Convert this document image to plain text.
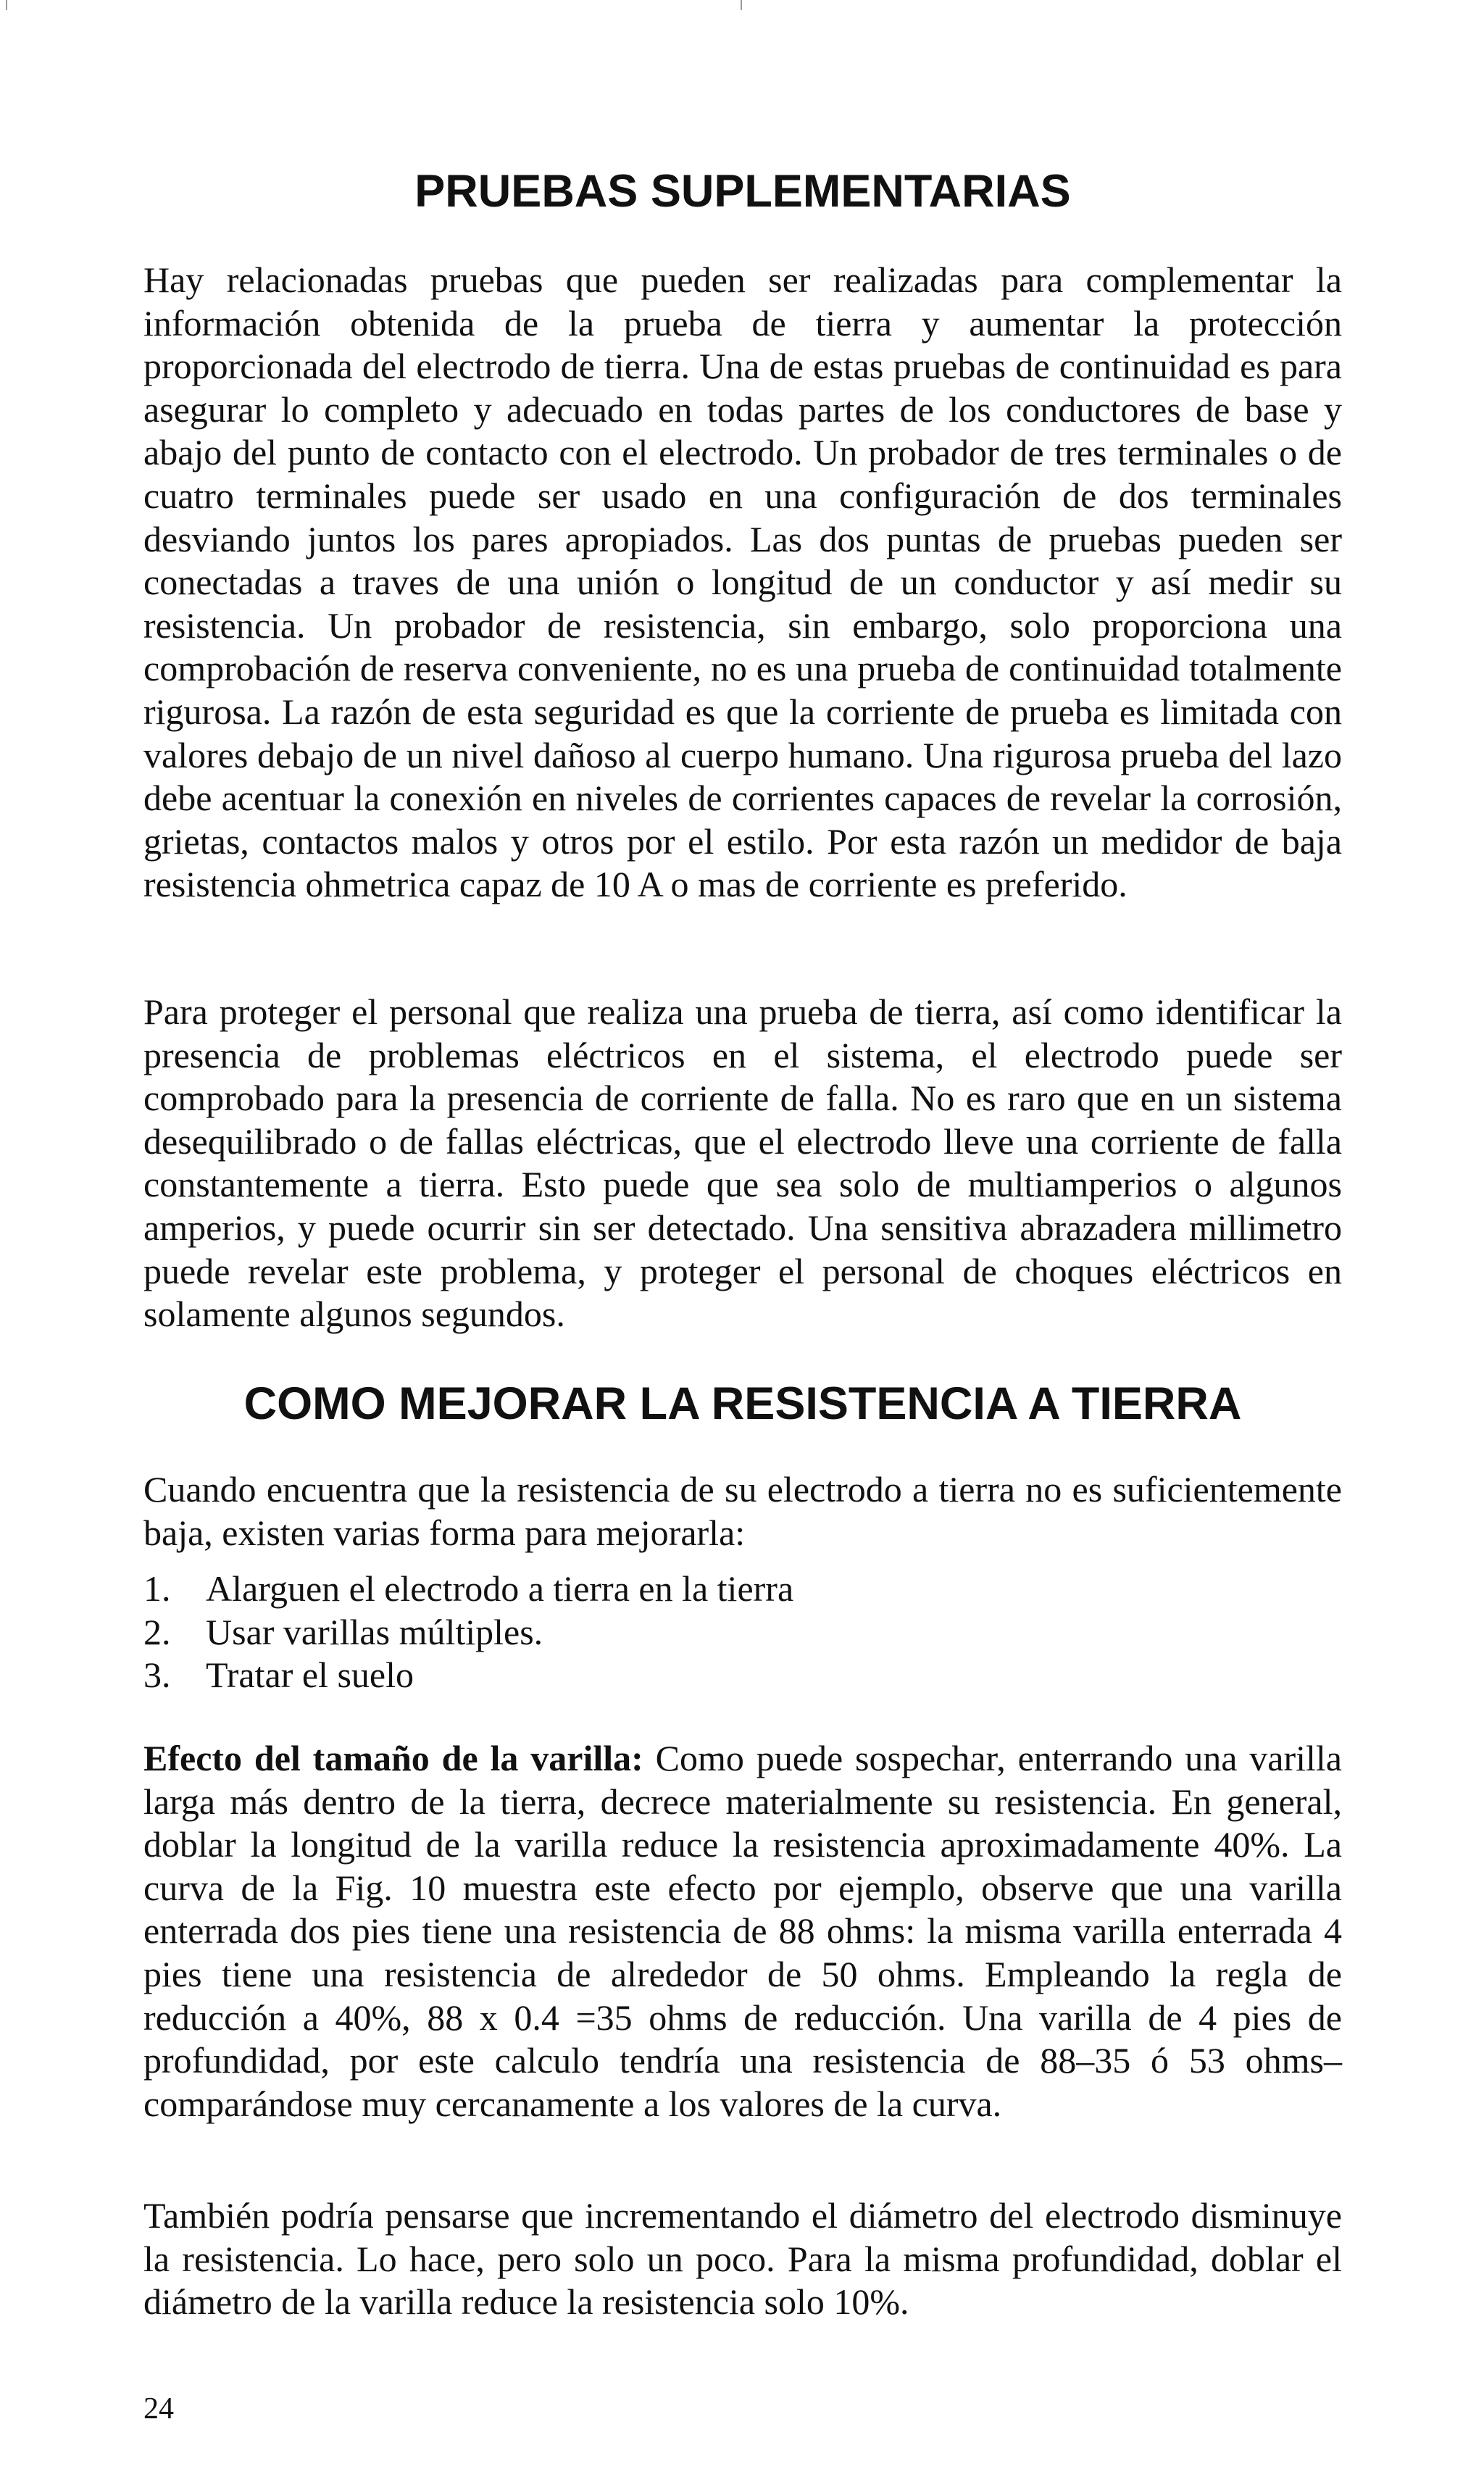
PRUEBAS SUPLEMENTARIAS

Hay relacionadas pruebas que pueden ser realizadas para complementar la información obtenida de la prueba de tierra y aumentar la protección proporcionada del electrodo de tierra. Una de estas pruebas de continuidad es para asegurar lo completo y adecuado en todas partes de los conductores de base y abajo del punto de contacto con el electrodo. Un probador de tres terminales o de cuatro terminales puede ser usado en una configuración de dos terminales desviando juntos los pares apropiados. Las dos puntas de pruebas pueden ser conectadas a traves de una unión o longitud de un conductor y así medir su resistencia. Un probador de resistencia, sin embargo, solo proporciona una comprobación de reserva conveniente, no es una prueba de continuidad totalmente rigurosa. La razón de esta seguridad es que la corriente de prueba es limitada con valores debajo de un nivel dañoso al cuerpo humano. Una rigurosa prueba del lazo debe acentuar la conexión en niveles de corrientes capaces de revelar la corrosión, grietas, contactos malos y otros por el estilo. Por esta razón un medidor de baja resistencia ohmetrica capaz de 10 A o mas de corriente es preferido.

Para proteger el personal que realiza una prueba de tierra, así como identificar la presencia de problemas eléctricos en el sistema, el electrodo puede ser comprobado para la presencia de corriente de falla. No es raro que en un sistema desequilibrado o de fallas eléctricas, que el electrodo lleve una corriente de falla constantemente a tierra. Esto puede que sea solo de multiamperios o algunos amperios, y puede ocurrir sin ser detectado. Una sensitiva abrazadera millimetro puede revelar este problema, y proteger el personal de choques eléctricos en solamente algunos segundos.

COMO MEJORAR LA RESISTENCIA A TIERRA

Cuando encuentra que la resistencia de su electrodo a tierra no es suficientemente baja, existen varias forma para mejorarla:

1. Alarguen el electrodo a tierra en la tierra
2. Usar varillas múltiples.
3. Tratar el suelo

Efecto del tamaño de la varilla: Como puede sospechar, enterrando una varilla larga más dentro de la tierra, decrece materialmente su resistencia. En general, doblar la longitud de la varilla reduce la resistencia aproximadamente 40%. La curva de la Fig. 10 muestra este efecto por ejemplo, observe que una varilla enterrada dos pies tiene una resistencia de 88 ohms: la misma varilla enterrada 4 pies tiene una resistencia de alrededor de 50 ohms. Empleando la regla de reducción a 40%, 88 x 0.4 =35 ohms de reducción. Una varilla de 4 pies de profundidad, por este calculo tendría una resistencia de 88–35 ó 53 ohms–comparándose muy cercanamente a los valores de la curva.

También podría pensarse que incrementando el diámetro del electrodo disminuye la resistencia. Lo hace, pero solo un poco. Para la misma profundidad, doblar el diámetro de la varilla reduce la resistencia solo 10%.

24
